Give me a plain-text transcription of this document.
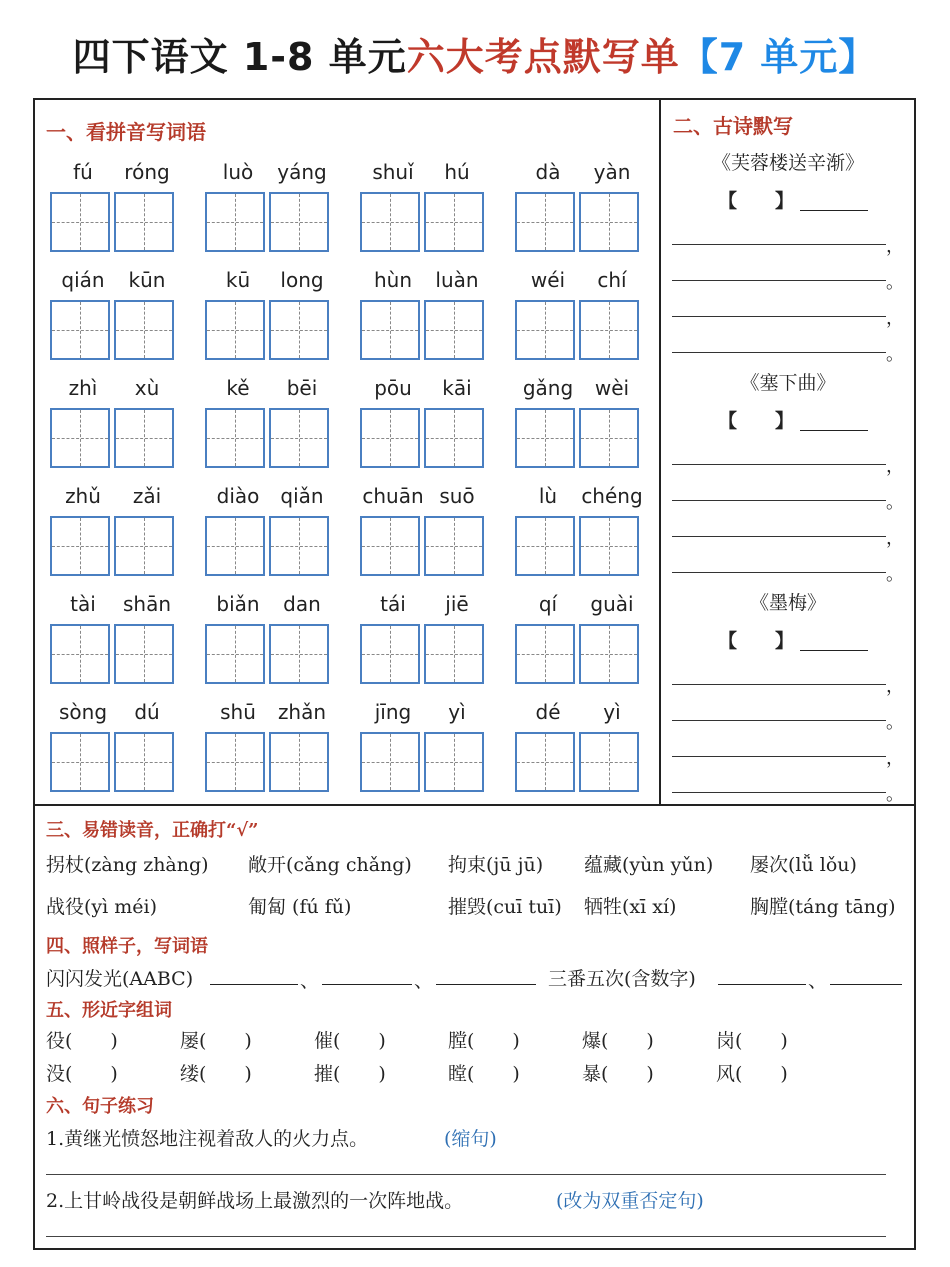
四下语文 1-8 单元六大考点默写单【7 单元】
一、看拼音写词语
fú	róng	luò	yáng	shuǐ	hú	dà	yàn
qián	kūn	kū	long	hùn	luàn	wéi	chí
zhì	xù	kě	bēi	pōu	kāi	gǎng	wèi
zhǔ	zǎi	diào	qiǎn	chuān suō	lù	chéng
tài	shān	biǎn	dan	tái	jiē	qí	guài
sòng	dú	shū	zhǎn	jīng	yì	dé	yì
二、古诗默写
《芙蓉楼送辛渐》
【　　】
，
。
，
。
《塞下曲》
【　　】
，
。
，
。
《墨梅》
【　　】
，
。
，
。
三、易错读音，正确打“√”
拐杖(zàng zhàng) 敞开(cǎng chǎng) 拘束(jū jū) 蕴藏(yùn yǔn) 屡次(lǚ lǒu)
战役(yì méi)	匍匐 (fú fǔ)	摧毁(cuī tuī) 牺牲(xī xí)	胸膛(táng tāng)
四、照样子，写词语
闪闪发光(AABC)	、	、	三番五次(含数字)	、
五、形近字组词
役(　　)	屡(　　)	催(　　)	膛(　　)	爆(　　)	岗(　　)
没(　　)	缕(　　)	摧(　　)	瞠(　　)	暴(　　)	风(　　)
六、句子练习
1.黄继光愤怒地注视着敌人的火力点。	(缩句)
2.上甘岭战役是朝鲜战场上最激烈的一次阵地战。	(改为双重否定句)
